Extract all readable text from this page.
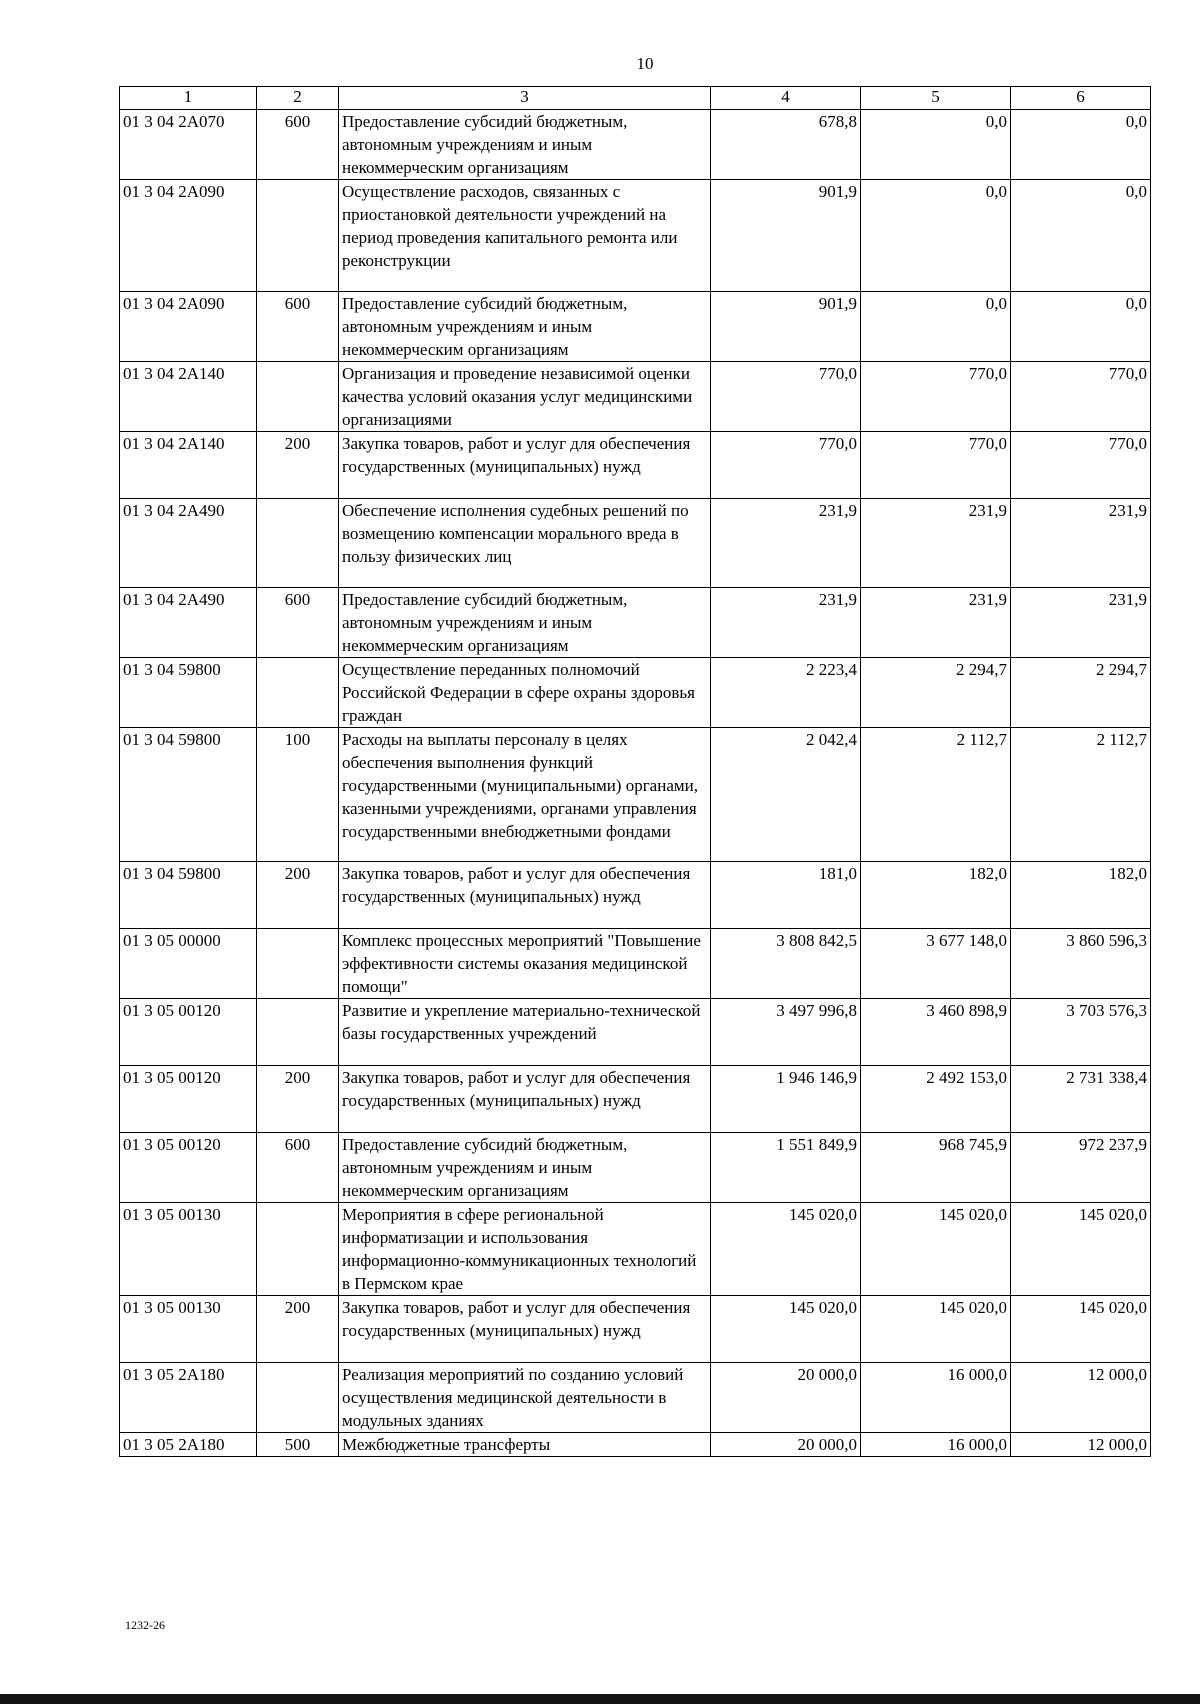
10
1	2	3	4	5	6
01 3 04 2А070	600	Предоставление субсидий бюджетным, автономным учреждениям и иным некоммерческим организациям	678,8	0,0	0,0
01 3 04 2А090		Осуществление расходов, связанных с приостановкой деятельности учреждений на период проведения капитального ремонта или реконструкции	901,9	0,0	0,0
01 3 04 2А090	600	Предоставление субсидий бюджетным, автономным учреждениям и иным некоммерческим организациям	901,9	0,0	0,0
01 3 04 2А140		Организация и проведение независимой оценки качества условий оказания услуг медицинскими организациями	770,0	770,0	770,0
01 3 04 2А140	200	Закупка товаров, работ и услуг для обеспечения государственных (муниципальных) нужд	770,0	770,0	770,0
01 3 04 2А490		Обеспечение исполнения судебных решений по возмещению компенсации морального вреда в пользу физических лиц	231,9	231,9	231,9
01 3 04 2А490	600	Предоставление субсидий бюджетным, автономным учреждениям и иным некоммерческим организациям	231,9	231,9	231,9
01 3 04 59800		Осуществление переданных полномочий Российской Федерации в сфере охраны здоровья граждан	2 223,4	2 294,7	2 294,7
01 3 04 59800	100	Расходы на выплаты персоналу в целях обеспечения выполнения функций государственными (муниципальными) органами, казенными учреждениями, органами управления государственными внебюджетными фондами	2 042,4	2 112,7	2 112,7
01 3 04 59800	200	Закупка товаров, работ и услуг для обеспечения государственных (муниципальных) нужд	181,0	182,0	182,0
01 3 05 00000		Комплекс процессных мероприятий "Повышение эффективности системы оказания медицинской помощи"	3 808 842,5	3 677 148,0	3 860 596,3
01 3 05 00120		Развитие и укрепление материально-технической базы государственных учреждений	3 497 996,8	3 460 898,9	3 703 576,3
01 3 05 00120	200	Закупка товаров, работ и услуг для обеспечения государственных (муниципальных) нужд	1 946 146,9	2 492 153,0	2 731 338,4
01 3 05 00120	600	Предоставление субсидий бюджетным, автономным учреждениям и иным некоммерческим организациям	1 551 849,9	968 745,9	972 237,9
01 3 05 00130		Мероприятия в сфере региональной информатизации и использования информационно-коммуникационных технологий в Пермском крае	145 020,0	145 020,0	145 020,0
01 3 05 00130	200	Закупка товаров, работ и услуг для обеспечения государственных (муниципальных) нужд	145 020,0	145 020,0	145 020,0
01 3 05 2А180		Реализация мероприятий по созданию условий осуществления медицинской деятельности в модульных зданиях	20 000,0	16 000,0	12 000,0
01 3 05 2А180	500	Межбюджетные трансферты	20 000,0	16 000,0	12 000,0
1232-26
